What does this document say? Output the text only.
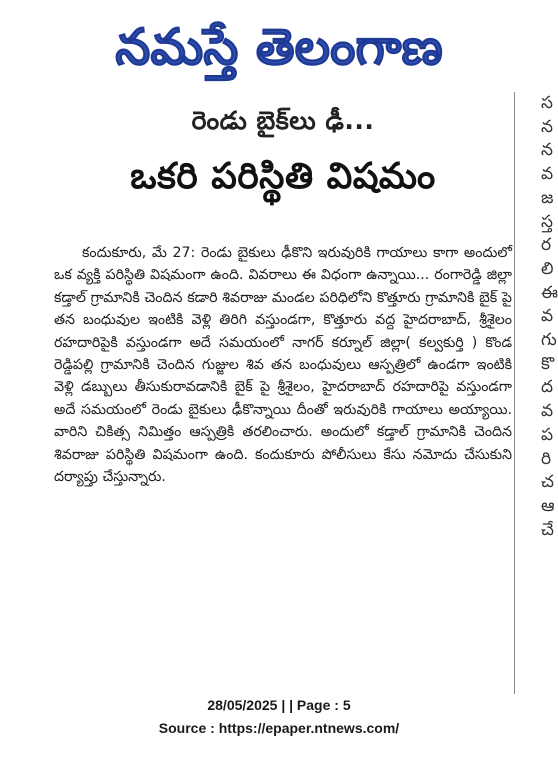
నమస్తే తెలంగాణ
రెండు బైక్‌లు ఢీ...
ఒకరి పరిస్థితి విషమం
కందుకూరు, మే 27: రెండు బైకులు ఢీకొని ఇరువురికి గాయాలు కాగా అందులో ఒక వ్యక్తి పరిస్థితి విషమంగా ఉంది. వివరాలు ఈ విధంగా ఉన్నాయి... రంగారెడ్డి జిల్లా కడ్తాల్ గ్రామానికి చెందిన కడారి శివరాజు మండల పరిధిలోని కొత్తూరు గ్రామానికి బైక్ పై తన బంధువుల ఇంటికి వెళ్లి తిరిగి వస్తుండగా, కొత్తూరు వద్ద హైదరాబాద్, శ్రీశైలం రహదారిపైకి వస్తుండగా అదే సమయంలో నాగర్ కర్నూల్ జిల్లా( కల్వకుర్తి ) కొండ రెడ్డిపల్లి గ్రామానికి చెందిన గుజ్జుల శివ తన బంధువులు ఆస్పత్రిలో ఉండగా ఇంటికి వెళ్లి డబ్బులు తీసుకురావడానికి బైక్ పై శ్రీశైలం, హైదరాబాద్ రహదారిపై వస్తుండగా అదే సమయంలో రెండు బైకులు ఢీకొన్నాయి దీంతో ఇరువురికి గాయాలు అయ్యాయి. వారిని చికిత్స నిమిత్తం ఆస్పత్రికి తరలించారు. అందులో కడ్తాల్ గ్రామానికి చెందిన శివరాజు పరిస్థితి విషమంగా ఉంది. కందుకూరు పోలీసులు కేసు నమోదు చేసుకుని దర్యాప్తు చేస్తున్నారు.
స
న
న
వ
జ
స్త
ర
లి
ఈ
వ
గు
కొ
ద
వ
ప
రి
చ
ఆ
చే
28/05/2025 | | Page : 5
Source : https://epaper.ntnews.com/
